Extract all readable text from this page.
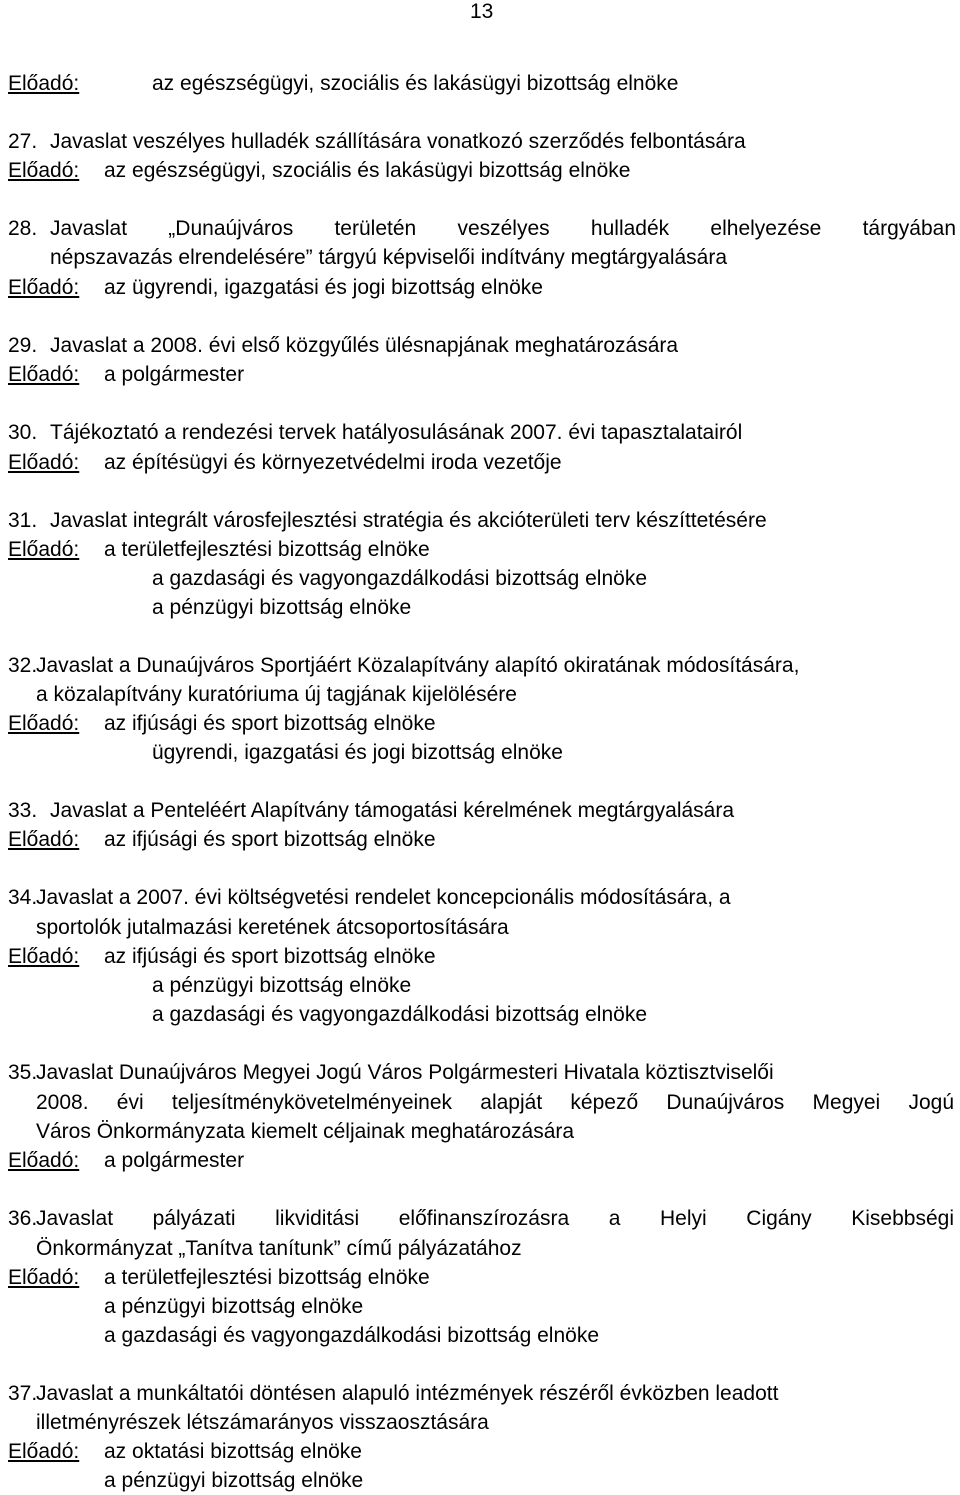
13
Előadó:	az egészségügyi, szociális és lakásügyi bizottság elnöke
27. Javaslat veszélyes hulladék szállítására vonatkozó szerződés felbontására
Előadó: az egészségügyi, szociális és lakásügyi bizottság elnöke
28. Javaslat „Dunaújváros területén veszélyes hulladék elhelyezése tárgyában
népszavazás elrendelésére” tárgyú képviselői indítvány megtárgyalására
Előadó: az ügyrendi, igazgatási és jogi bizottság elnöke
29. Javaslat a 2008. évi első közgyűlés ülésnapjának meghatározására
Előadó: a polgármester
30. Tájékoztató a rendezési tervek hatályosulásának 2007. évi tapasztalatairól
Előadó: az építésügyi és környezetvédelmi iroda vezetője
31. Javaslat integrált városfejlesztési stratégia és akcióterületi terv készíttetésére
Előadó: a területfejlesztési bizottság elnöke
a gazdasági és vagyongazdálkodási bizottság elnöke
a pénzügyi bizottság elnöke
32.
Javaslat a Dunaújváros Sportjáért Közalapítvány alapító okiratának módosítására,
a közalapítvány kuratóriuma új tagjának kijelölésére
Előadó: az ifjúsági és sport bizottság elnöke
ügyrendi, igazgatási és jogi bizottság elnöke
33. Javaslat a Penteléért Alapítvány támogatási kérelmének megtárgyalására
Előadó: az ifjúsági és sport bizottság elnöke
34.
Javaslat a 2007. évi költségvetési rendelet koncepcionális módosítására, a
sportolók jutalmazási keretének átcsoportosítására
Előadó: az ifjúsági és sport bizottság elnöke
a pénzügyi bizottság elnöke
a gazdasági és vagyongazdálkodási bizottság elnöke
35.
Javaslat Dunaújváros Megyei Jogú Város Polgármesteri Hivatala köztisztviselői
2008. évi teljesítménykövetelményeinek alapját képező Dunaújváros Megyei Jogú
Város Önkormányzata kiemelt céljainak meghatározására
Előadó: a polgármester
36.
Javaslat pályázati likviditási előfinanszírozásra a Helyi Cigány Kisebbségi
Önkormányzat „Tanítva tanítunk” című pályázatához
Előadó: a területfejlesztési bizottság elnöke
a pénzügyi bizottság elnöke
a gazdasági és vagyongazdálkodási bizottság elnöke
37.
Javaslat a munkáltatói döntésen alapuló intézmények részéről évközben leadott
illetményrészek létszámarányos visszaosztására
Előadó: az oktatási bizottság elnöke
a pénzügyi bizottság elnöke
